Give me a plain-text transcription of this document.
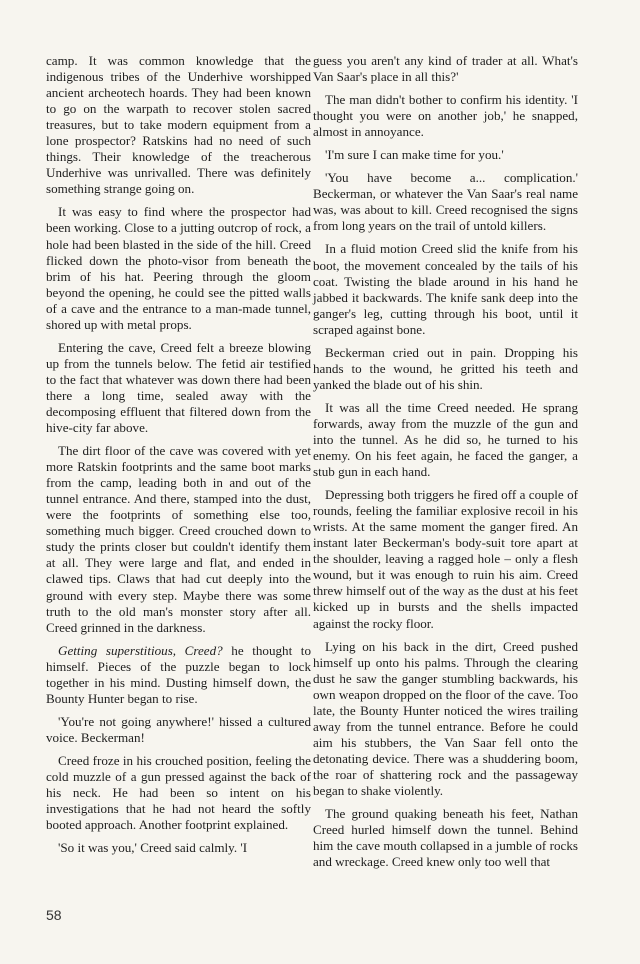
camp. It was common knowledge that the indigenous tribes of the Underhive worshipped ancient archeotech hoards. They had been known to go on the warpath to recover stolen sacred treasures, but to take modern equipment from a lone prospector? Ratskins had no need of such things. Their knowledge of the treacherous Underhive was unrivalled. There was definitely something strange going on.

It was easy to find where the prospector had been working. Close to a jutting outcrop of rock, a hole had been blasted in the side of the hill. Creed flicked down the photo-visor from beneath the brim of his hat. Peering through the gloom beyond the opening, he could see the pitted walls of a cave and the entrance to a man-made tunnel, shored up with metal props.

Entering the cave, Creed felt a breeze blowing up from the tunnels below. The fetid air testified to the fact that whatever was down there had been there a long time, sealed away with the decomposing effluent that filtered down from the hive-city far above.

The dirt floor of the cave was covered with yet more Ratskin footprints and the same boot marks from the camp, leading both in and out of the tunnel entrance. And there, stamped into the dust, were the footprints of something else too, something much bigger. Creed crouched down to study the prints closer but couldn't identify them at all. They were large and flat, and ended in clawed tips. Claws that had cut deeply into the ground with every step. Maybe there was some truth to the old man's monster story after all. Creed grinned in the darkness.

Getting superstitious, Creed? he thought to himself. Pieces of the puzzle began to lock together in his mind. Dusting himself down, the Bounty Hunter began to rise.

'You're not going anywhere!' hissed a cultured voice. Beckerman!

Creed froze in his crouched position, feeling the cold muzzle of a gun pressed against the back of his neck. He had been so intent on his investigations that he had not heard the softly booted approach. Another footprint explained.

'So it was you,' Creed said calmly. 'I

guess you aren't any kind of trader at all. What's Van Saar's place in all this?'

The man didn't bother to confirm his identity. 'I thought you were on another job,' he snapped, almost in annoyance.

'I'm sure I can make time for you.'

'You have become a... complication.' Beckerman, or whatever the Van Saar's real name was, was about to kill. Creed recognised the signs from long years on the trail of untold killers.

In a fluid motion Creed slid the knife from his boot, the movement concealed by the tails of his coat. Twisting the blade around in his hand he jabbed it backwards. The knife sank deep into the ganger's leg, cutting through his boot, until it scraped against bone.

Beckerman cried out in pain. Dropping his hands to the wound, he gritted his teeth and yanked the blade out of his shin.

It was all the time Creed needed. He sprang forwards, away from the muzzle of the gun and into the tunnel. As he did so, he turned to his enemy. On his feet again, he faced the ganger, a stub gun in each hand.

Depressing both triggers he fired off a couple of rounds, feeling the familiar explosive recoil in his wrists. At the same moment the ganger fired. An instant later Beckerman's body-suit tore apart at the shoulder, leaving a ragged hole – only a flesh wound, but it was enough to ruin his aim. Creed threw himself out of the way as the dust at his feet kicked up in bursts and the shells impacted against the rocky floor.

Lying on his back in the dirt, Creed pushed himself up onto his palms. Through the clearing dust he saw the ganger stumbling backwards, his own weapon dropped on the floor of the cave. Too late, the Bounty Hunter noticed the wires trailing away from the tunnel entrance. Before he could aim his stubbers, the Van Saar fell onto the detonating device. There was a shuddering boom, the roar of shattering rock and the passageway began to shake violently.

The ground quaking beneath his feet, Nathan Creed hurled himself down the tunnel. Behind him the cave mouth collapsed in a jumble of rocks and wreckage. Creed knew only too well that

58
